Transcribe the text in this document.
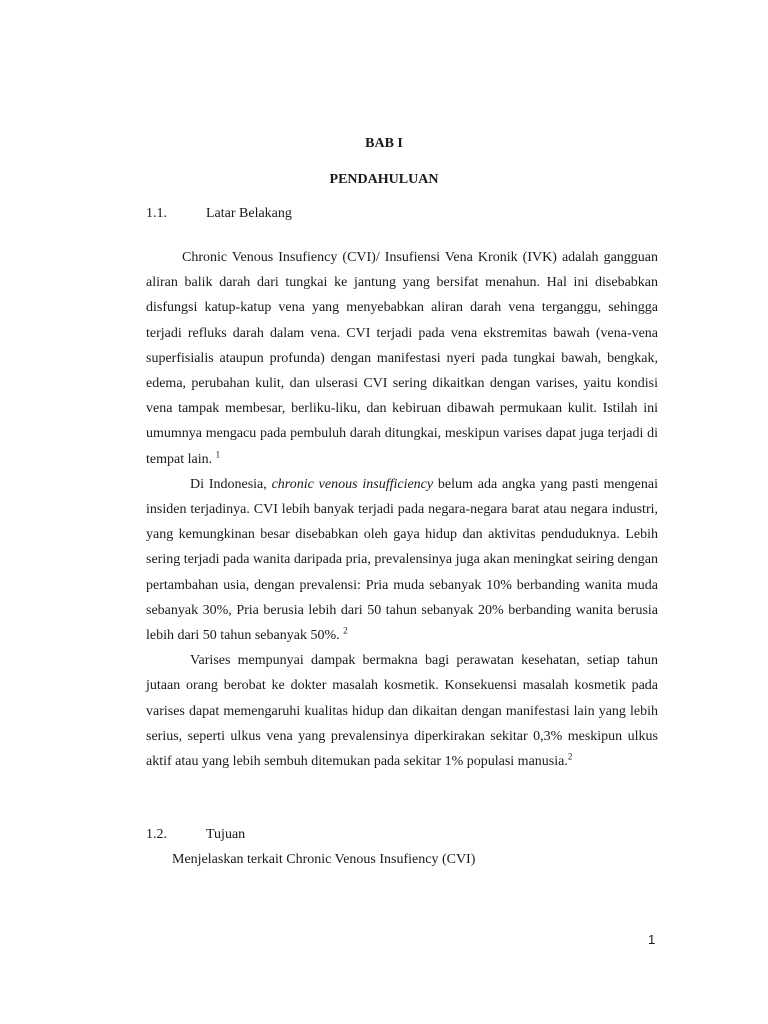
BAB I

PENDAHULUAN

1.1.	Latar Belakang

Chronic Venous Insufiency (CVI)/ Insufiensi Vena Kronik (IVK) adalah gangguan aliran balik darah dari tungkai ke jantung yang bersifat menahun. Hal ini disebabkan disfungsi katup-katup vena yang menyebabkan aliran darah vena terganggu, sehingga terjadi refluks darah dalam vena. CVI terjadi pada vena ekstremitas bawah (vena-vena superfisialis ataupun profunda) dengan manifestasi nyeri pada tungkai bawah, bengkak, edema, perubahan kulit, dan ulserasi CVI sering dikaitkan dengan varises, yaitu kondisi vena tampak membesar, berliku-liku, dan kebiruan dibawah permukaan kulit. Istilah ini umumnya mengacu pada pembuluh darah ditungkai, meskipun varises dapat juga terjadi di tempat lain. $^1$

Di Indonesia, chronic venous insufficiency belum ada angka yang pasti mengenai insiden terjadinya. CVI lebih banyak terjadi pada negara-negara barat atau negara industri, yang kemungkinan besar disebabkan oleh gaya hidup dan aktivitas penduduknya. Lebih sering terjadi pada wanita daripada pria, prevalensinya juga akan meningkat seiring dengan pertambahan usia, dengan prevalensi: Pria muda sebanyak 10% berbanding wanita muda sebanyak 30%, Pria berusia lebih dari 50 tahun sebanyak 20% berbanding wanita berusia lebih dari 50 tahun sebanyak 50%. $^2$

Varises mempunyai dampak bermakna bagi perawatan kesehatan, setiap tahun jutaan orang berobat ke dokter masalah kosmetik. Konsekuensi masalah kosmetik pada varises dapat memengaruhi kualitas hidup dan dikaitan dengan manifestasi lain yang lebih serius, seperti ulkus vena yang prevalensinya diperkirakan sekitar 0,3% meskipun ulkus aktif atau yang lebih sembuh ditemukan pada sekitar 1% populasi manusia.$^2$

1.2.	Tujuan

Menjelaskan terkait Chronic Venous Insufiency (CVI)

1
